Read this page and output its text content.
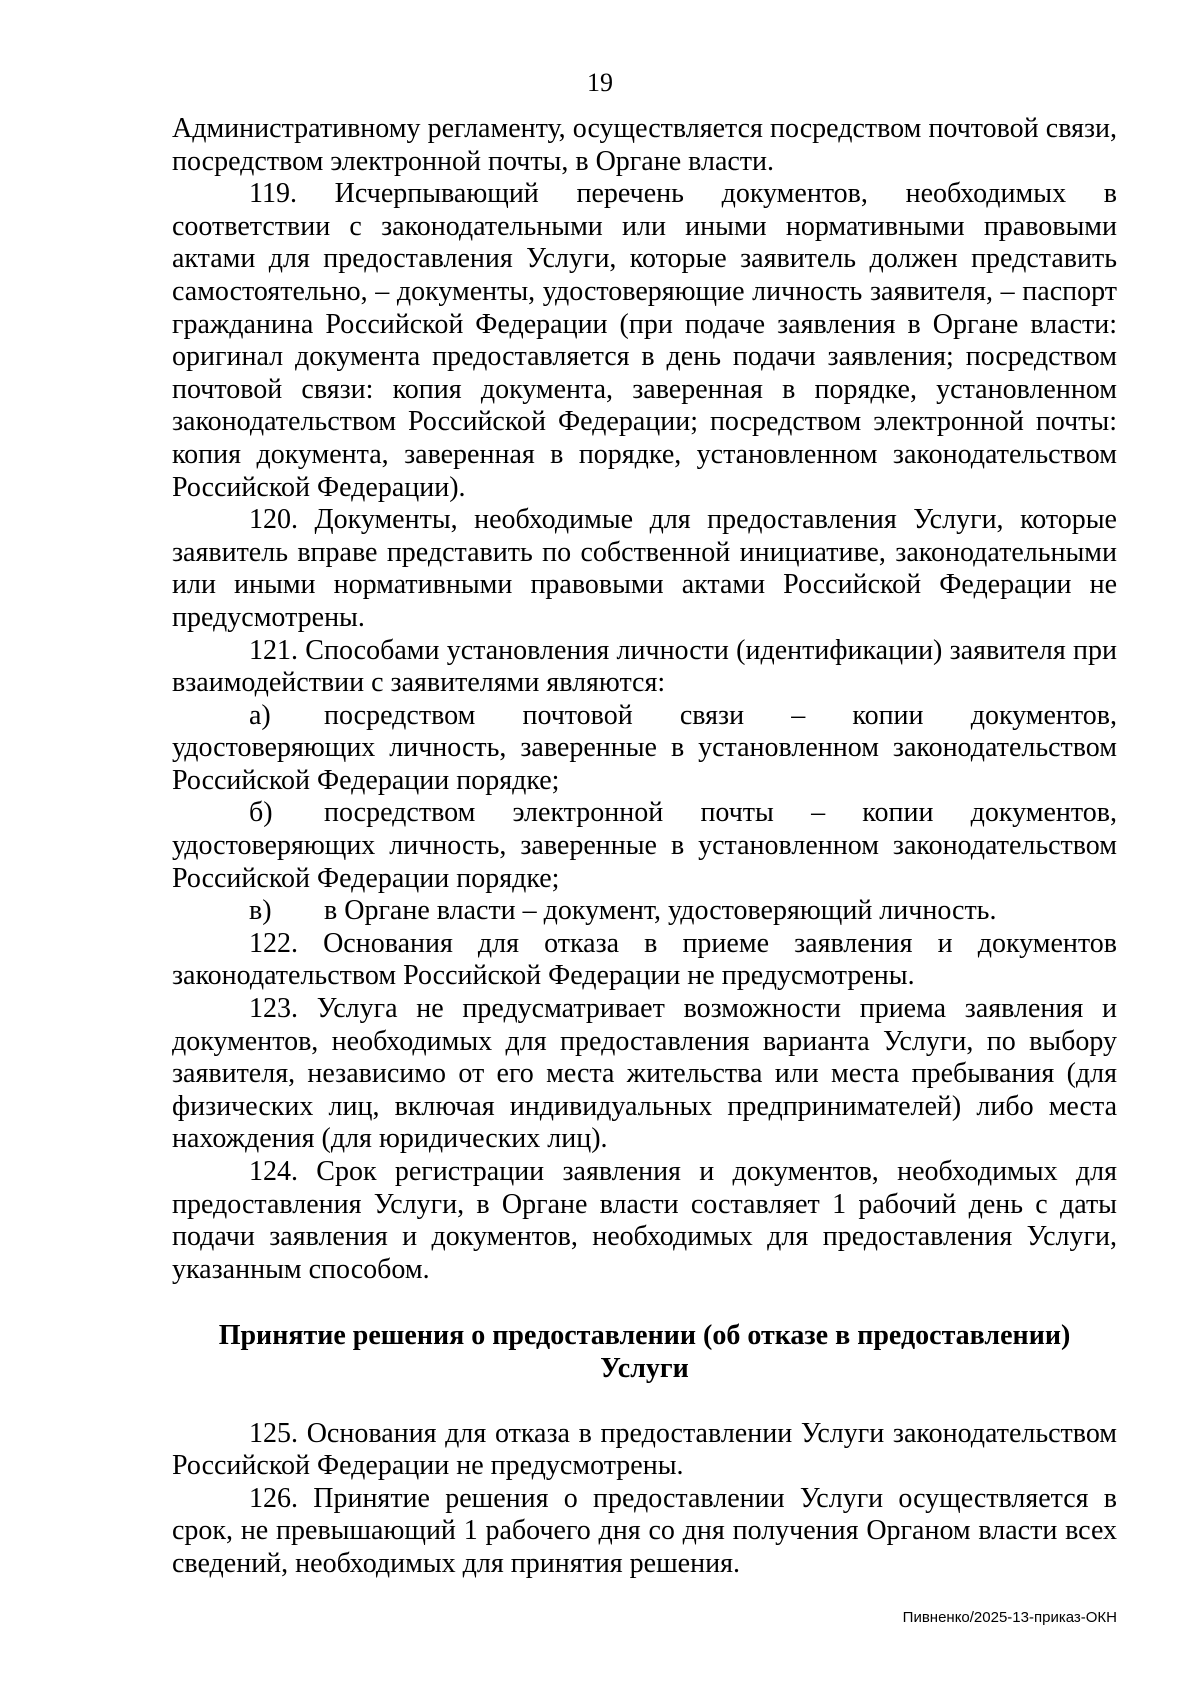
19

Административному регламенту, осуществляется посредством почтовой связи, посредством электронной почты, в Органе власти.

119. Исчерпывающий перечень документов, необходимых в соответствии с законодательными или иными нормативными правовыми актами для предоставления Услуги, которые заявитель должен представить самостоятельно, – документы, удостоверяющие личность заявителя, – паспорт гражданина Российской Федерации (при подаче заявления в Органе власти: оригинал документа предоставляется в день подачи заявления; посредством почтовой связи: копия документа, заверенная в порядке, установленном законодательством Российской Федерации; посредством электронной почты: копия документа, заверенная в порядке, установленном законодательством Российской Федерации).

120. Документы, необходимые для предоставления Услуги, которые заявитель вправе представить по собственной инициативе, законодательными или иными нормативными правовыми актами Российской Федерации не предусмотрены.

121. Способами установления личности (идентификации) заявителя при взаимодействии с заявителями являются:

а)	посредством почтовой связи – копии документов,

удостоверяющих личность, заверенные в установленном законодательством Российской Федерации порядке;

б)	посредством электронной почты – копии документов,

удостоверяющих личность, заверенные в установленном законодательством Российской Федерации порядке;

в)	в Органе власти – документ, удостоверяющий личность.

122. Основания для отказа в приеме заявления и документов законодательством Российской Федерации не предусмотрены.

123. Услуга не предусматривает возможности приема заявления и документов, необходимых для предоставления варианта Услуги, по выбору заявителя, независимо от его места жительства или места пребывания (для физических лиц, включая индивидуальных предпринимателей) либо места нахождения (для юридических лиц).

124. Срок регистрации заявления и документов, необходимых для предоставления Услуги, в Органе власти составляет 1 рабочий день с даты подачи заявления и документов, необходимых для предоставления Услуги, указанным способом.

Принятие решения о предоставлении (об отказе в предоставлении)
Услуги

125. Основания для отказа в предоставлении Услуги законодательством Российской Федерации не предусмотрены.

126. Принятие решения о предоставлении Услуги осуществляется в срок, не превышающий 1 рабочего дня со дня получения Органом власти всех сведений, необходимых для принятия решения.

Пивненко/2025-13-приказ-ОКН
